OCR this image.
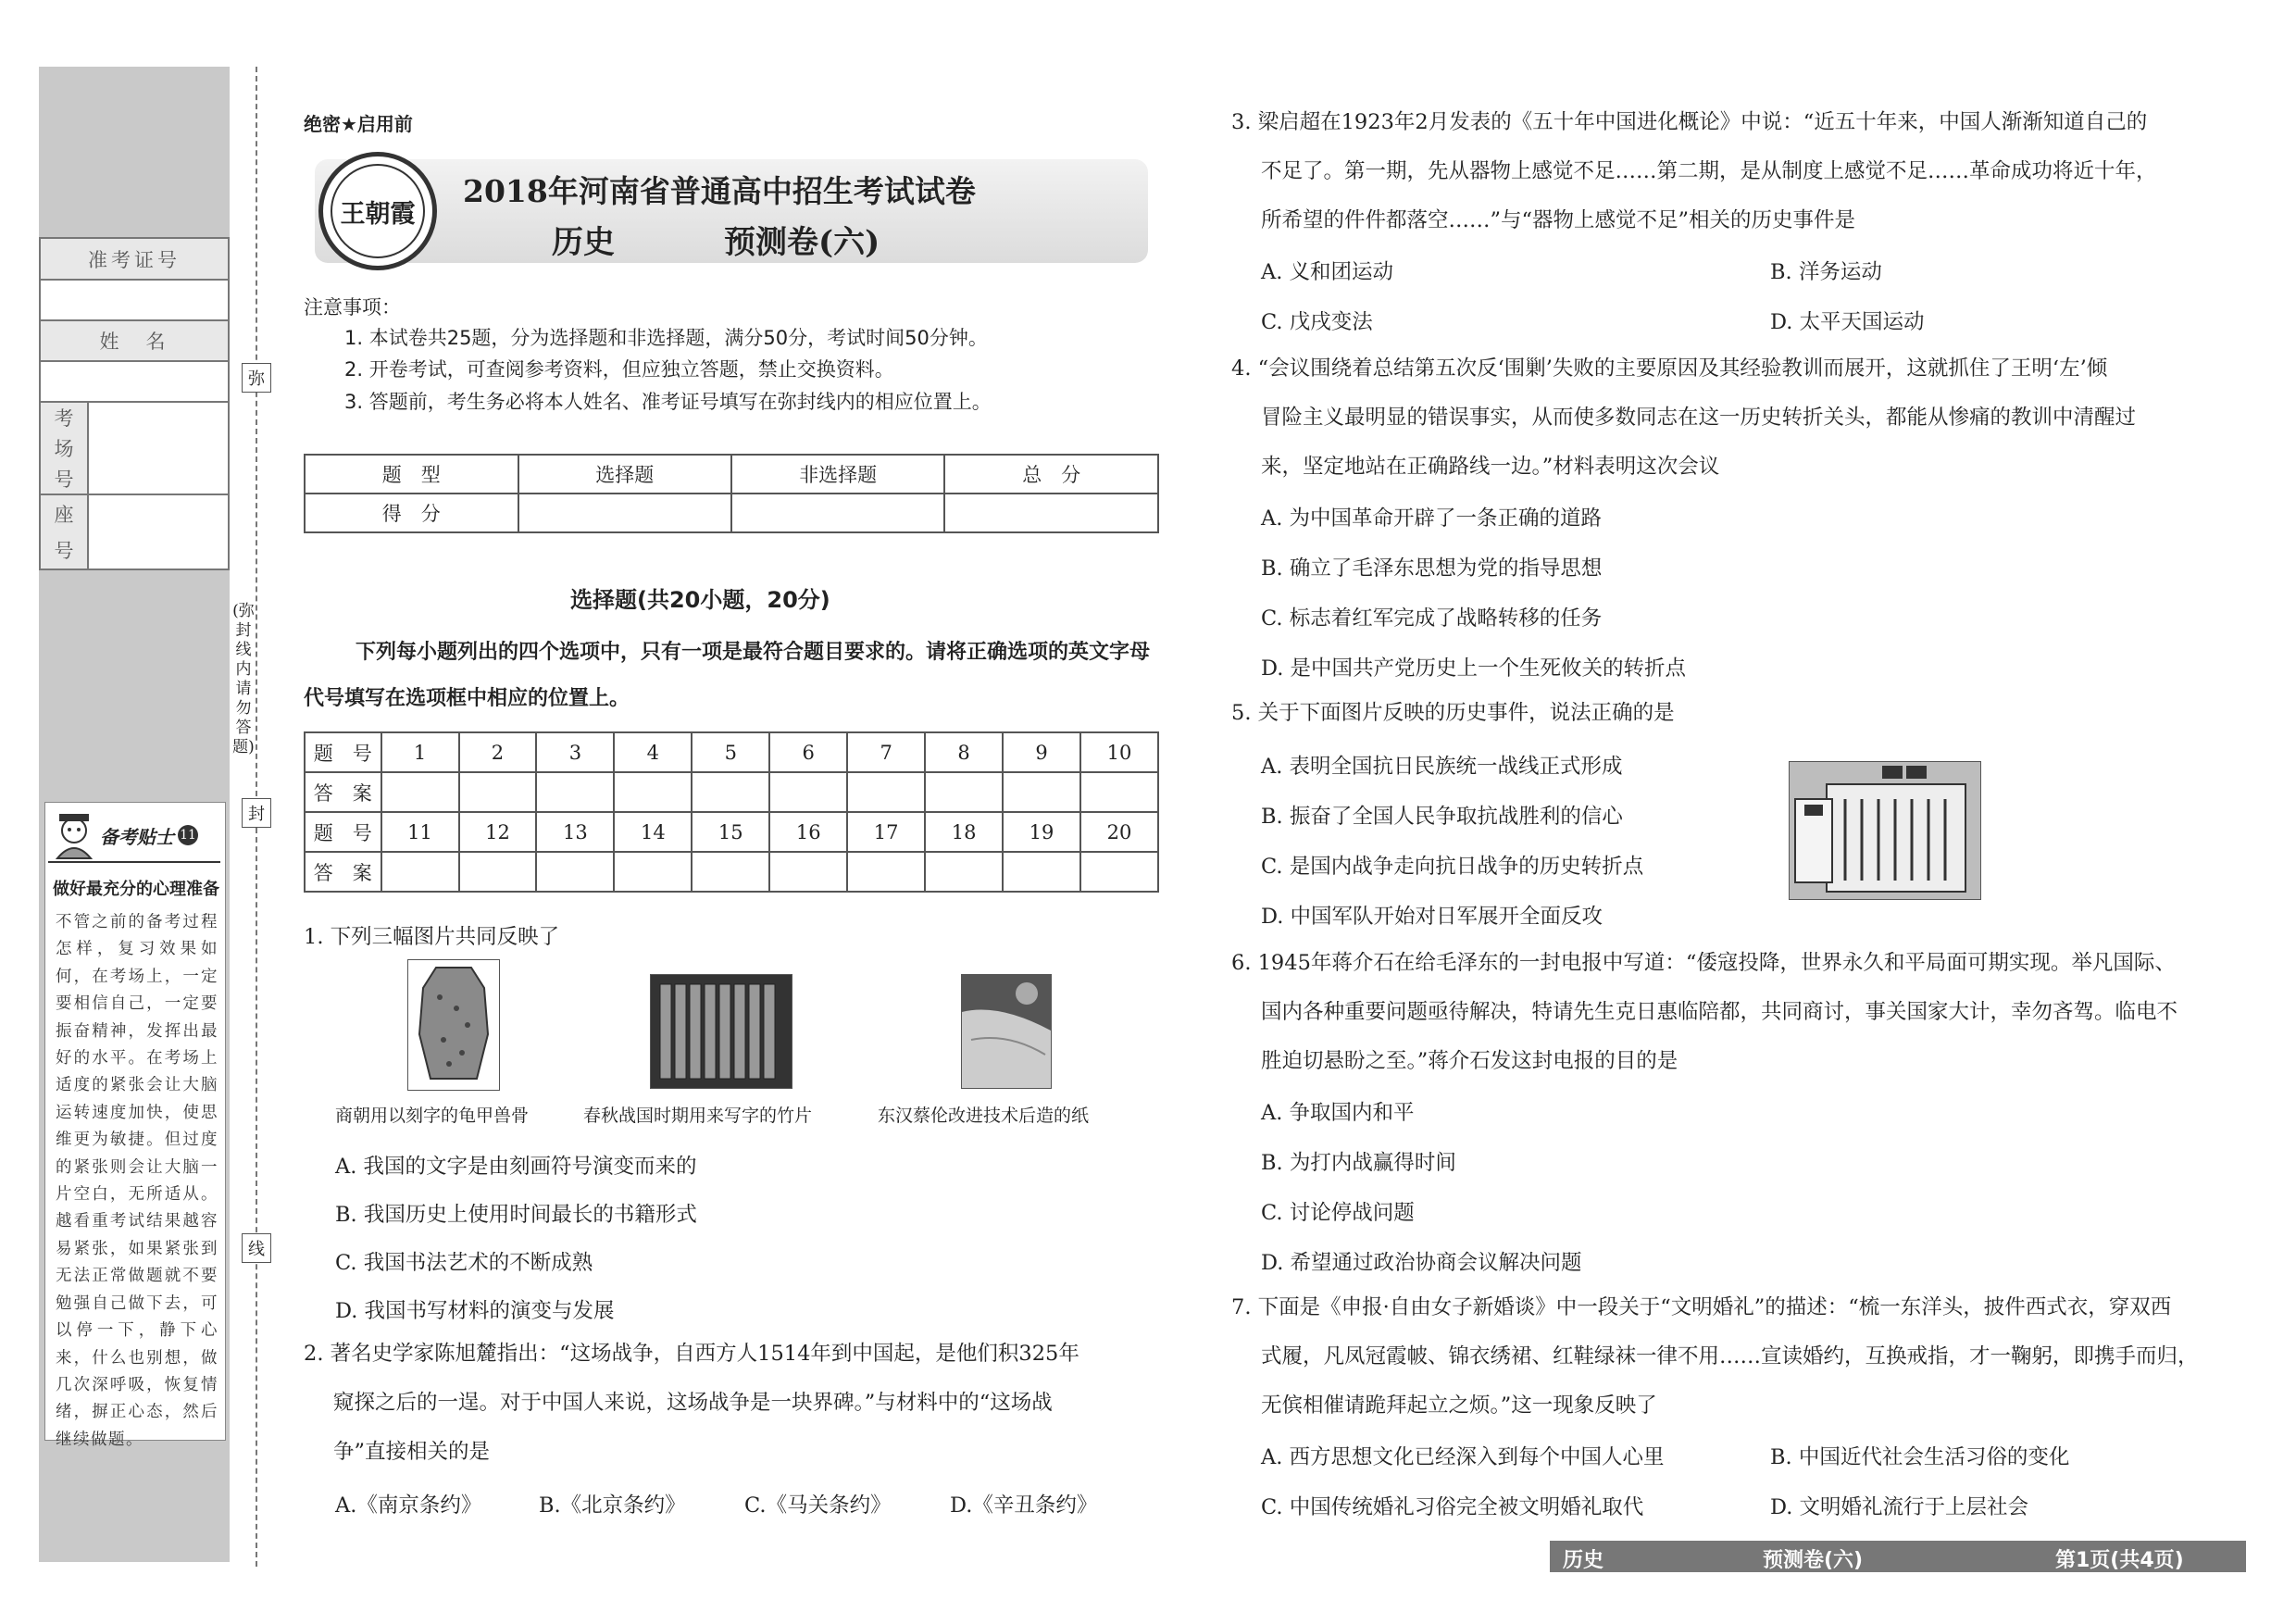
准考证号
姓　名
考
场
号
座
号
备考贴士 11
做好最充分的心理准备
不管之前的备考过程怎样，复习效果如何，在考场上，一定要相信自己，一定要振奋精神，发挥出最好的水平。在考场上适度的紧张会让大脑运转速度加快，使思维更为敏捷。但过度的紧张则会让大脑一片空白，无所适从。越看重考试结果越容易紧张，如果紧张到无法正常做题就不要勉强自己做下去，可以停一下，静下心来，什么也别想，做几次深呼吸，恢复情绪，摒正心态，然后继续做题。
弥
封
线
(弥封线内请勿答题)
绝密★启用前
王朝霞
2018年河南省普通高中招生考试试卷
历史	预测卷(六)
注意事项：
1. 本试卷共25题，分为选择题和非选择题，满分50分，考试时间50分钟。
2. 开卷考试，可查阅参考资料，但应独立答题，禁止交换资料。
3. 答题前，考生务必将本人姓名、准考证号填写在弥封线内的相应位置上。
题　型	选择题	非选择题	总　分
得　分			
选择题(共20小题，20分)
下列每小题列出的四个选项中，只有一项是最符合题目要求的。请将正确选项的英文字母代号填写在选项框中相应的位置上。
题　号	1	2	3	4	5	6	7	8	9	10
答　案										
题　号	11	12	13	14	15	16	17	18	19	20
答　案										
1. 下列三幅图片共同反映了
商朝用以刻字的龟甲兽骨	春秋战国时期用来写字的竹片	东汉蔡伦改进技术后造的纸
A. 我国的文字是由刻画符号演变而来的
B. 我国历史上使用时间最长的书籍形式
C. 我国书法艺术的不断成熟
D. 我国书写材料的演变与发展
2. 著名史学家陈旭麓指出：“这场战争，自西方人1514年到中国起，是他们积325年
窥探之后的一逞。对于中国人来说，这场战争是一块界碑。”与材料中的“这场战
争”直接相关的是
A.《南京条约》	B.《北京条约》	C.《马关条约》	D.《辛丑条约》
3. 梁启超在1923年2月发表的《五十年中国进化概论》中说：“近五十年来，中国人渐渐知道自己的
不足了。第一期，先从器物上感觉不足……第二期，是从制度上感觉不足……革命成功将近十年，
所希望的件件都落空……”与“器物上感觉不足”相关的历史事件是
A. 义和团运动	B. 洋务运动
C. 戊戌变法	D. 太平天国运动
4. “会议围绕着总结第五次反‘围剿’失败的主要原因及其经验教训而展开，这就抓住了王明‘左’倾
冒险主义最明显的错误事实，从而使多数同志在这一历史转折关头，都能从惨痛的教训中清醒过
来，坚定地站在正确路线一边。”材料表明这次会议
A. 为中国革命开辟了一条正确的道路
B. 确立了毛泽东思想为党的指导思想
C. 标志着红军完成了战略转移的任务
D. 是中国共产党历史上一个生死攸关的转折点
5. 关于下面图片反映的历史事件，说法正确的是
A. 表明全国抗日民族统一战线正式形成
B. 振奋了全国人民争取抗战胜利的信心
C. 是国内战争走向抗日战争的历史转折点
D. 中国军队开始对日军展开全面反攻
6. 1945年蒋介石在给毛泽东的一封电报中写道：“倭寇投降，世界永久和平局面可期实现。举凡国际、
国内各种重要问题亟待解决，特请先生克日惠临陪都，共同商讨，事关国家大计，幸勿吝驾。临电不
胜迫切悬盼之至。”蒋介石发这封电报的目的是
A. 争取国内和平
B. 为打内战赢得时间
C. 讨论停战问题
D. 希望通过政治协商会议解决问题
7. 下面是《申报·自由女子新婚谈》中一段关于“文明婚礼”的描述：“梳一东洋头，披件西式衣，穿双西
式履，凡凤冠霞帔、锦衣绣裙、红鞋绿袜一律不用……宣读婚约，互换戒指，才一鞠躬，即携手而归，
无傧相催请跪拜起立之烦。”这一现象反映了
A. 西方思想文化已经深入到每个中国人心里	B. 中国近代社会生活习俗的变化
C. 中国传统婚礼习俗完全被文明婚礼取代	D. 文明婚礼流行于上层社会
历史	预测卷(六)	第1页(共4页)
